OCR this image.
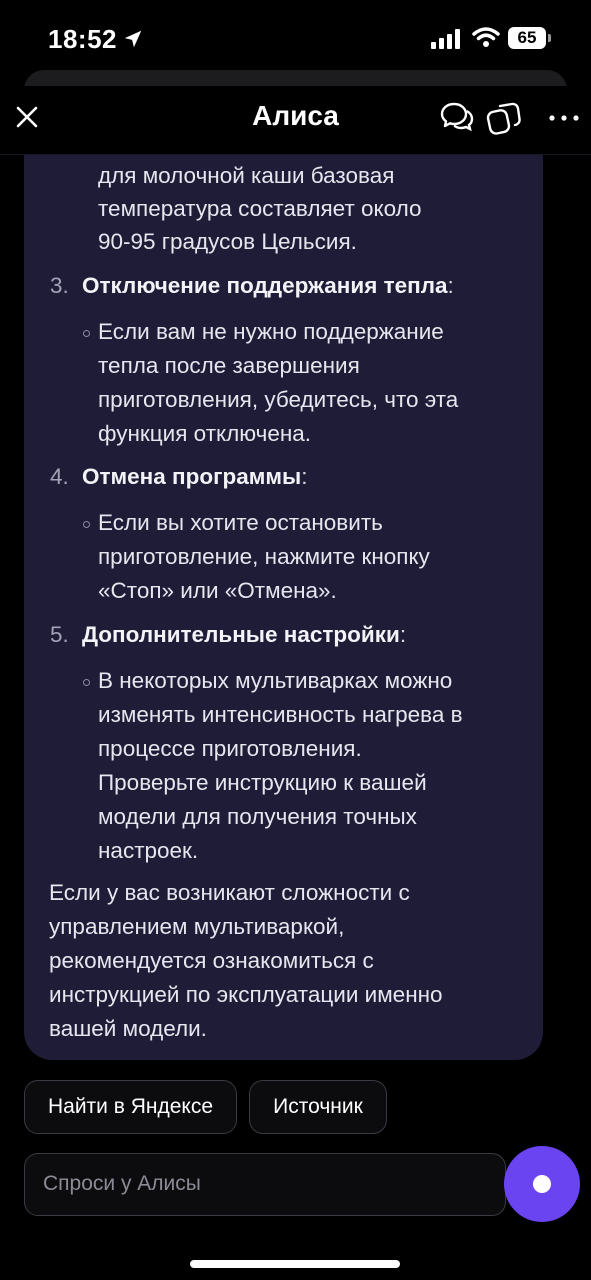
18:52	65
Алиса
для молочной каши базовая
температура составляет около
90-95 градусов Цельсия.
3. Отключение поддержания тепла:
Если вам не нужно поддержание
тепла после завершения
приготовления, убедитесь, что эта
функция отключена.
4. Отмена программы:
Если вы хотите остановить
приготовление, нажмите кнопку
«Стоп» или «Отмена».
5. Дополнительные настройки:
В некоторых мультиварках можно
изменять интенсивность нагрева в
процессе приготовления.
Проверьте инструкцию к вашей
модели для получения точных
настроек.
Если у вас возникают сложности с
управлением мультиваркой,
рекомендуется ознакомиться с
инструкцией по эксплуатации именно
вашей модели.
Найти в Яндексе	Источник
Спроси у Алисы
